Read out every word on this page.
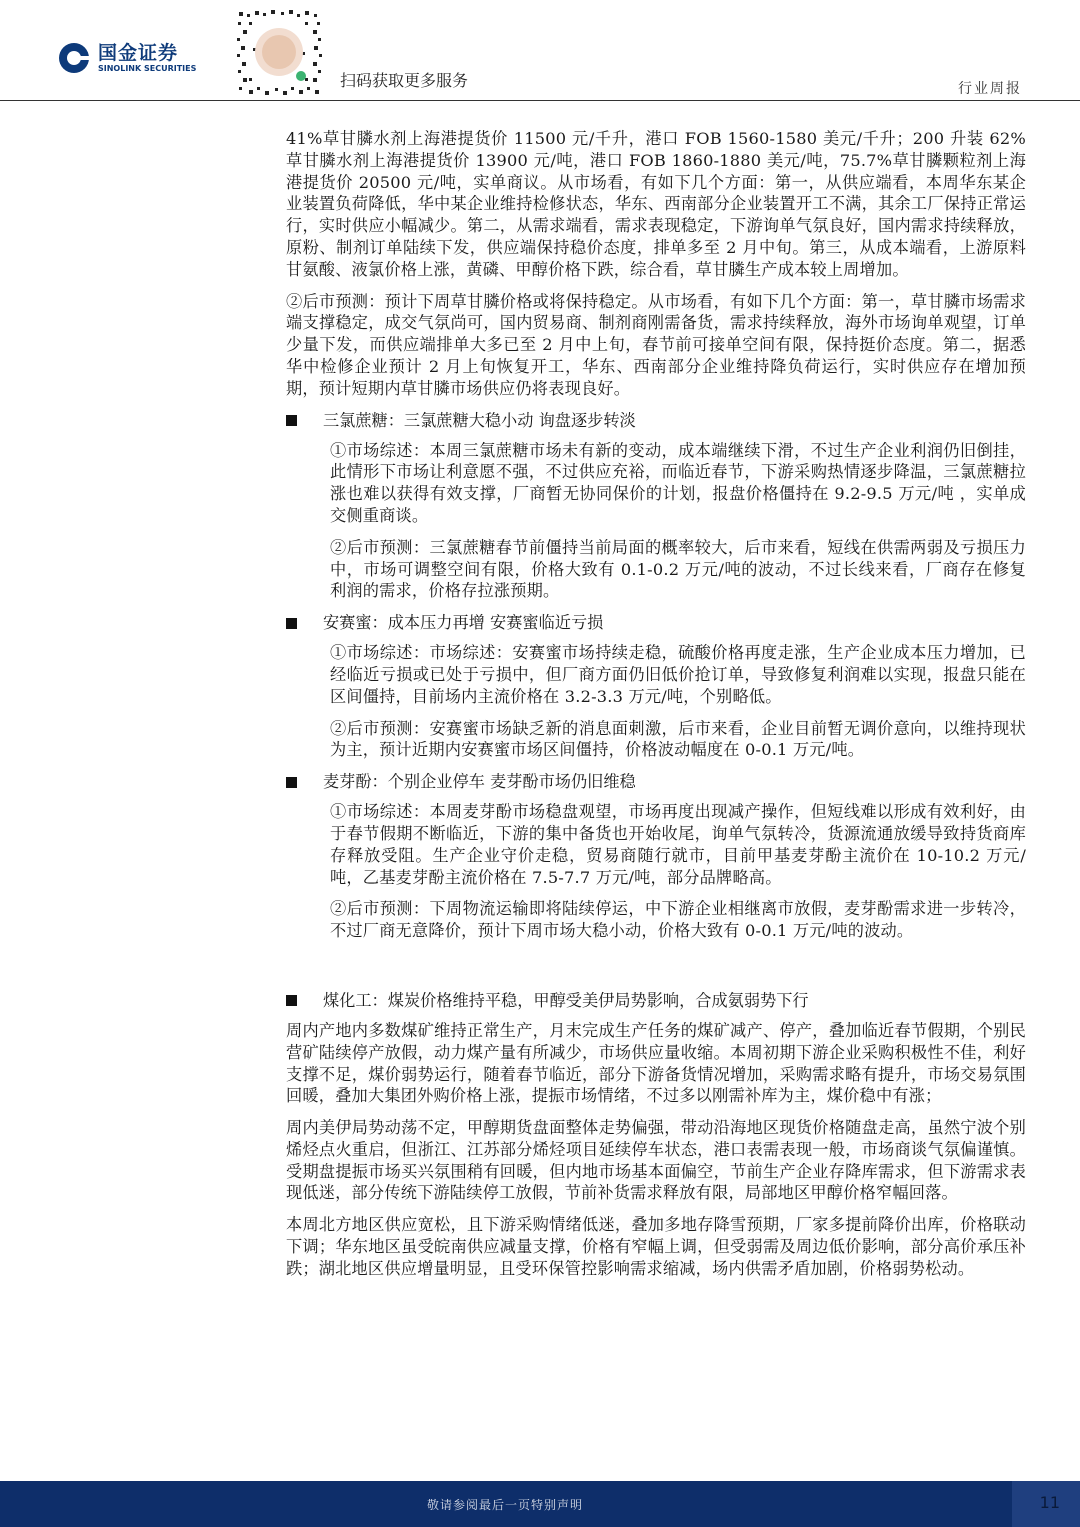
国金证券
SINOLINK SECURITIES
扫码获取更多服务	行业周报

41%草甘膦水剂上海港提货价 11500 元/千升，港口 FOB 1560-1580 美元/千升；200 升装 62%草甘膦水剂上海港提货价 13900 元/吨，港口 FOB 1860-1880 美元/吨，75.7%草甘膦颗粒剂上海港提货价 20500 元/吨，实单商议。从市场看，有如下几个方面：第一，从供应端看，本周华东某企业装置负荷降低，华中某企业维持检修状态，华东、西南部分企业装置开工不满，其余工厂保持正常运行，实时供应小幅减少。第二，从需求端看，需求表现稳定，下游询单气氛良好，国内需求持续释放，原粉、制剂订单陆续下发，供应端保持稳价态度，排单多至 2 月中旬。第三，从成本端看，上游原料甘氨酸、液氯价格上涨，黄磷、甲醇价格下跌，综合看，草甘膦生产成本较上周增加。

②后市预测：预计下周草甘膦价格或将保持稳定。从市场看，有如下几个方面：第一，草甘膦市场需求端支撑稳定，成交气氛尚可，国内贸易商、制剂商刚需备货，需求持续释放，海外市场询单观望，订单少量下发，而供应端排单大多已至 2 月中上旬，春节前可接单空间有限，保持挺价态度。第二，据悉华中检修企业预计 2 月上旬恢复开工，华东、西南部分企业维持降负荷运行，实时供应存在增加预期，预计短期内草甘膦市场供应仍将表现良好。

三氯蔗糖：三氯蔗糖大稳小动 询盘逐步转淡

①市场综述：本周三氯蔗糖市场未有新的变动，成本端继续下滑，不过生产企业利润仍旧倒挂，此情形下市场让利意愿不强，不过供应充裕，而临近春节，下游采购热情逐步降温，三氯蔗糖拉涨也难以获得有效支撑，厂商暂无协同保价的计划，报盘价格僵持在 9.2-9.5 万元/吨 ，实单成交侧重商谈。

②后市预测：三氯蔗糖春节前僵持当前局面的概率较大，后市来看，短线在供需两弱及亏损压力中，市场可调整空间有限，价格大致有 0.1-0.2 万元/吨的波动，不过长线来看，厂商存在修复利润的需求，价格存拉涨预期。

安赛蜜：成本压力再增 安赛蜜临近亏损

①市场综述：市场综述：安赛蜜市场持续走稳，硫酸价格再度走涨，生产企业成本压力增加，已经临近亏损或已处于亏损中，但厂商方面仍旧低价抢订单，导致修复利润难以实现，报盘只能在区间僵持，目前场内主流价格在 3.2-3.3 万元/吨，个别略低。

②后市预测：安赛蜜市场缺乏新的消息面刺激，后市来看，企业目前暂无调价意向，以维持现状为主，预计近期内安赛蜜市场区间僵持，价格波动幅度在 0-0.1 万元/吨。

麦芽酚：个别企业停车 麦芽酚市场仍旧维稳

①市场综述：本周麦芽酚市场稳盘观望，市场再度出现减产操作，但短线难以形成有效利好，由于春节假期不断临近，下游的集中备货也开始收尾，询单气氛转冷，货源流通放缓导致持货商库存释放受阻。生产企业守价走稳，贸易商随行就市，目前甲基麦芽酚主流价在 10-10.2 万元/吨，乙基麦芽酚主流价格在 7.5-7.7 万元/吨，部分品牌略高。

②后市预测：下周物流运输即将陆续停运，中下游企业相继离市放假，麦芽酚需求进一步转冷，不过厂商无意降价，预计下周市场大稳小动，价格大致有 0-0.1 万元/吨的波动。

煤化工：煤炭价格维持平稳，甲醇受美伊局势影响，合成氨弱势下行

周内产地内多数煤矿维持正常生产，月末完成生产任务的煤矿减产、停产，叠加临近春节假期，个别民营矿陆续停产放假，动力煤产量有所减少，市场供应量收缩。本周初期下游企业采购积极性不佳，利好支撑不足，煤价弱势运行，随着春节临近，部分下游备货情况增加，采购需求略有提升，市场交易氛围回暖，叠加大集团外购价格上涨，提振市场情绪，不过多以刚需补库为主，煤价稳中有涨；

周内美伊局势动荡不定，甲醇期货盘面整体走势偏强，带动沿海地区现货价格随盘走高，虽然宁波个别烯烃点火重启，但浙江、江苏部分烯烃项目延续停车状态，港口表需表现一般，市场商谈气氛偏谨慎。受期盘提振市场买兴氛围稍有回暖，但内地市场基本面偏空，节前生产企业存降库需求，但下游需求表现低迷，部分传统下游陆续停工放假，节前补货需求释放有限，局部地区甲醇价格窄幅回落。

本周北方地区供应宽松，且下游采购情绪低迷，叠加多地存降雪预期，厂家多提前降价出库，价格联动下调；华东地区虽受皖南供应减量支撑，价格有窄幅上调，但受弱需及周边低价影响，部分高价承压补跌；湖北地区供应增量明显，且受环保管控影响需求缩减，场内供需矛盾加剧，价格弱势松动。

敬请参阅最后一页特别声明	11
